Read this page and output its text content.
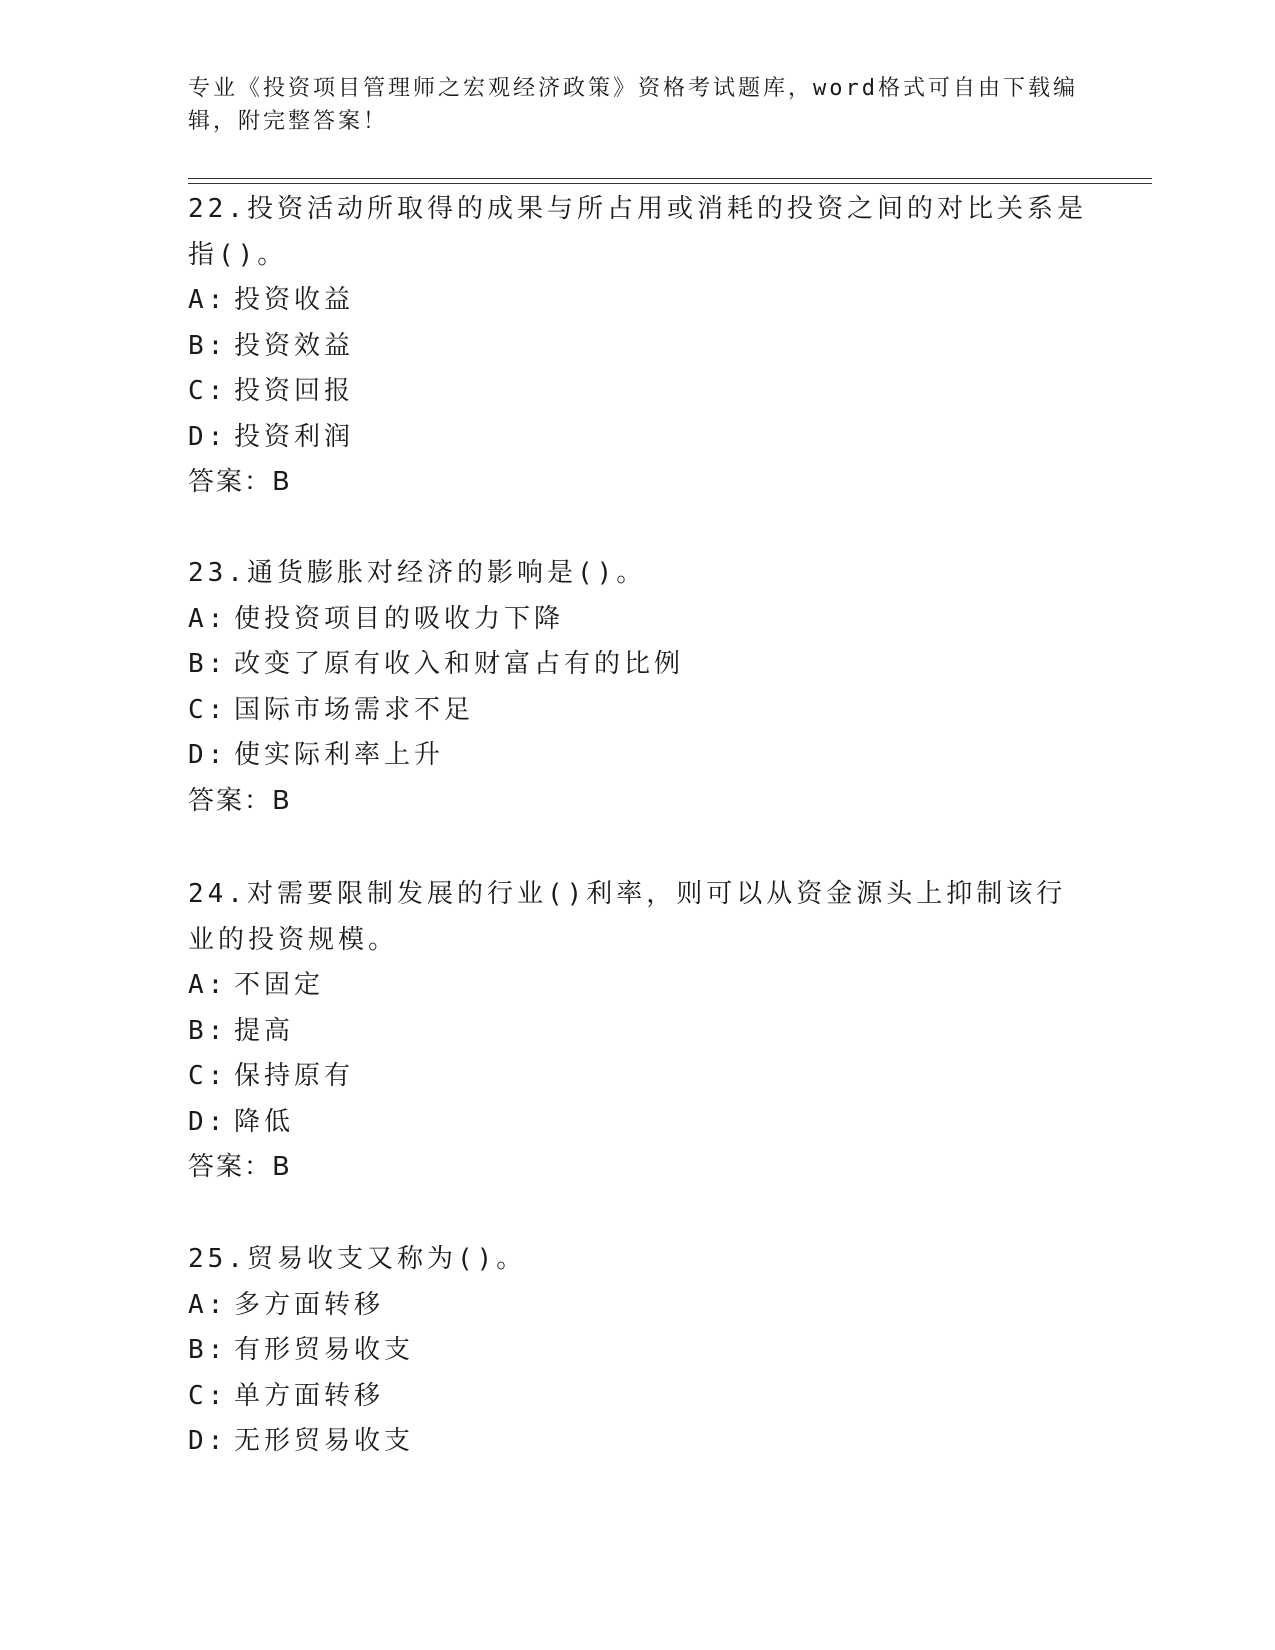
专业《投资项目管理师之宏观经济政策》资格考试题库，word格式可自由下载编辑，附完整答案！
22.投资活动所取得的成果与所占用或消耗的投资之间的对比关系是指()。
A: 投资收益
B: 投资效益
C: 投资回报
D: 投资利润
答案：B
23.通货膨胀对经济的影响是()。
A: 使投资项目的吸收力下降
B: 改变了原有收入和财富占有的比例
C: 国际市场需求不足
D: 使实际利率上升
答案：B
24.对需要限制发展的行业()利率，则可以从资金源头上抑制该行业的投资规模。
A: 不固定
B: 提高
C: 保持原有
D: 降低
答案：B
25.贸易收支又称为()。
A: 多方面转移
B: 有形贸易收支
C: 单方面转移
D: 无形贸易收支
